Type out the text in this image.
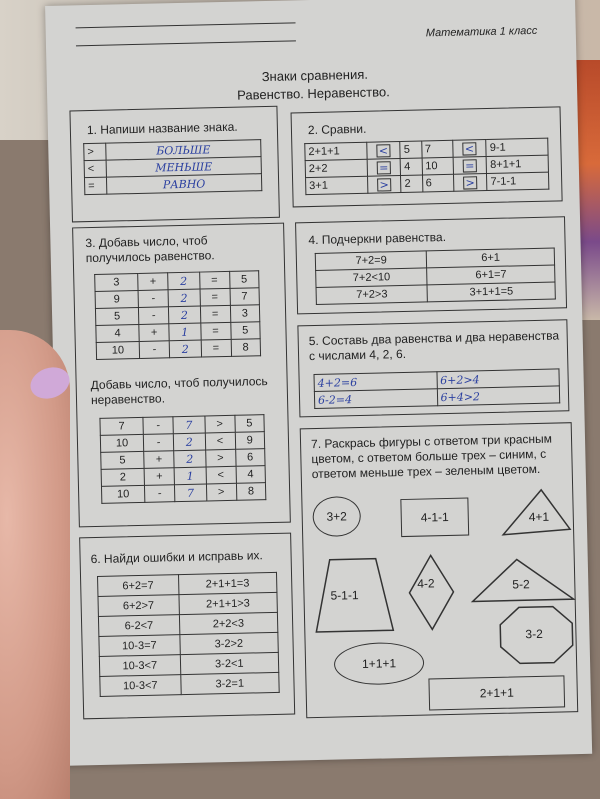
Математика 1 класс
Знаки сравнения.
Равенство. Неравенство.
1. Напиши название знака.
>	БОЛЬШЕ
<	МЕНЬШЕ
=	РАВНО
2. Сравни.
2+1+1	<	5	7	<	9-1
2+2	=	4	10	=	8+1+1
3+1	>	2	6	>	7-1-1
3. Добавь число, чтоб
получилось равенство.
3	+	2	=	5
9	-	2	=	7
5	-	2	=	3
4	+	1	=	5
10	-	2	=	8
Добавь число, чтоб получилось
неравенство.
7	-	7	>	5
10	-	2	<	9
5	+	2	>	6
2	+	1	<	4
10	-	7	>	8
4. Подчеркни равенства.
7+2=9	6+1
7+2<10	6+1=7
7+2>3	3+1+1=5
5. Составь два равенства и два неравенства
с числами 4, 2, 6.
4+2=6	6+2>4
6-2=4	6+4>2
6. Найди ошибки и исправь их.
6+2=7	2+1+1=3
6+2>7	2+1+1>3
6-2<7	2+2<3
10-3=7	3-2>2
10-3<7	3-2<1
10-3<7	3-2=1
7. Раскрась фигуры с ответом три красным
цветом, с ответом больше трех – синим, с
ответом меньше трех – зеленым цветом.
3+2	4-1-1	4+1
5-1-1
4-2	5-2
3-2
1+1+1
2+1+1
